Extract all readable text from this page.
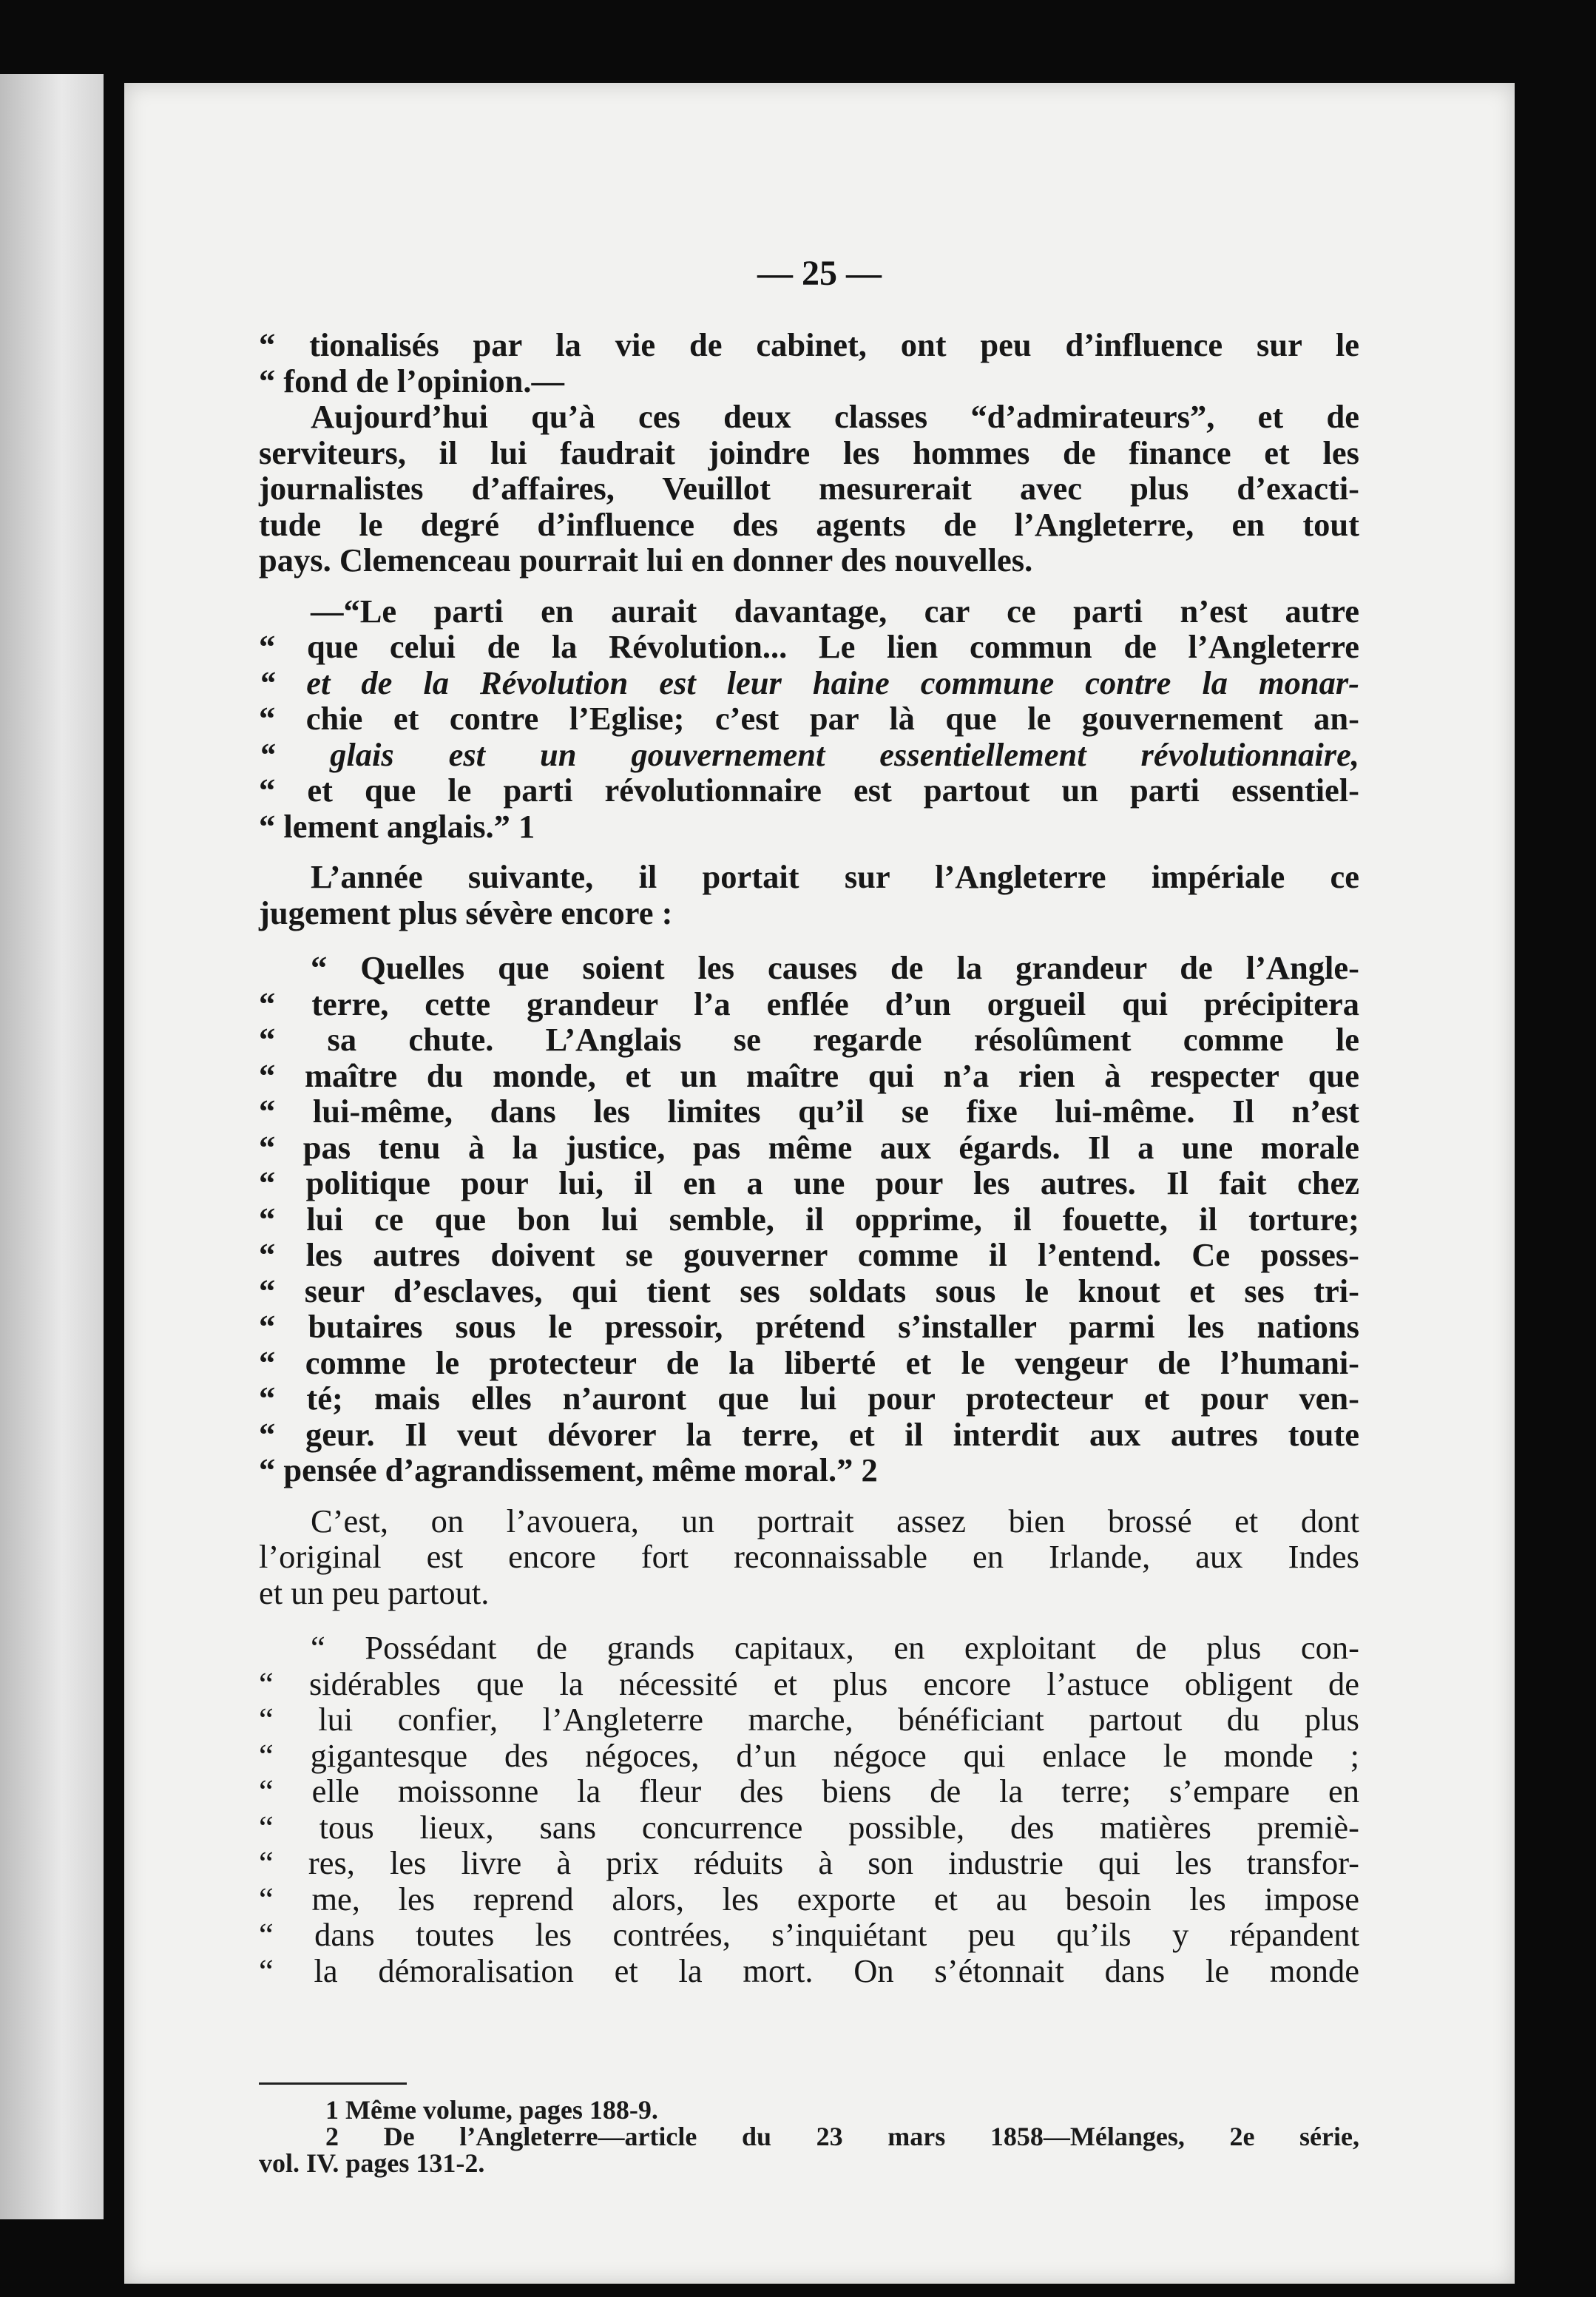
— 25 —
“ tionalisés par la vie de cabinet, ont peu d’influence sur le
“ fond de l’opinion.—
Aujourd’hui qu’à ces deux classes “d’admirateurs”, et de
serviteurs, il lui faudrait joindre les hommes de finance et les
journalistes d’affaires, Veuillot mesurerait avec plus d’exacti-
tude le degré d’influence des agents de l’Angleterre, en tout
pays. Clemenceau pourrait lui en donner des nouvelles.
—“Le parti en aurait davantage, car ce parti n’est autre
“ que celui de la Révolution... Le lien commun de l’Angleterre
“ et de la Révolution est leur haine commune contre la monar-
“ chie et contre l’Eglise; c’est par là que le gouvernement an-
“ glais est un gouvernement essentiellement révolutionnaire,
“ et que le parti révolutionnaire est partout un parti essentiel-
“ lement anglais.” 1
L’année suivante, il portait sur l’Angleterre impériale ce
jugement plus sévère encore :
“ Quelles que soient les causes de la grandeur de l’Angle-
“ terre, cette grandeur l’a enflée d’un orgueil qui précipitera
“ sa chute. L’Anglais se regarde résolûment comme le
“ maître du monde, et un maître qui n’a rien à respecter que
“ lui-même, dans les limites qu’il se fixe lui-même. Il n’est
“ pas tenu à la justice, pas même aux égards. Il a une morale
“ politique pour lui, il en a une pour les autres. Il fait chez
“ lui ce que bon lui semble, il opprime, il fouette, il torture;
“ les autres doivent se gouverner comme il l’entend. Ce posses-
“ seur d’esclaves, qui tient ses soldats sous le knout et ses tri-
“ butaires sous le pressoir, prétend s’installer parmi les nations
“ comme le protecteur de la liberté et le vengeur de l’humani-
“ té; mais elles n’auront que lui pour protecteur et pour ven-
“ geur. Il veut dévorer la terre, et il interdit aux autres toute
“ pensée d’agrandissement, même moral.” 2
C’est, on l’avouera, un portrait assez bien brossé et dont
l’original est encore fort reconnaissable en Irlande, aux Indes
et un peu partout.
“ Possédant de grands capitaux, en exploitant de plus con-
“ sidérables que la nécessité et plus encore l’astuce obligent de
“ lui confier, l’Angleterre marche, bénéficiant partout du plus
“ gigantesque des négoces, d’un négoce qui enlace le monde ;
“ elle moissonne la fleur des biens de la terre; s’empare en
“ tous lieux, sans concurrence possible, des matières premiè-
“ res, les livre à prix réduits à son industrie qui les transfor-
“ me, les reprend alors, les exporte et au besoin les impose
“ dans toutes les contrées, s’inquiétant peu qu’ils y répandent
“ la démoralisation et la mort. On s’étonnait dans le monde
1 Même volume, pages 188-9.
2 De l’Angleterre—article du 23 mars 1858—Mélanges, 2e série,
vol. IV. pages 131-2.
